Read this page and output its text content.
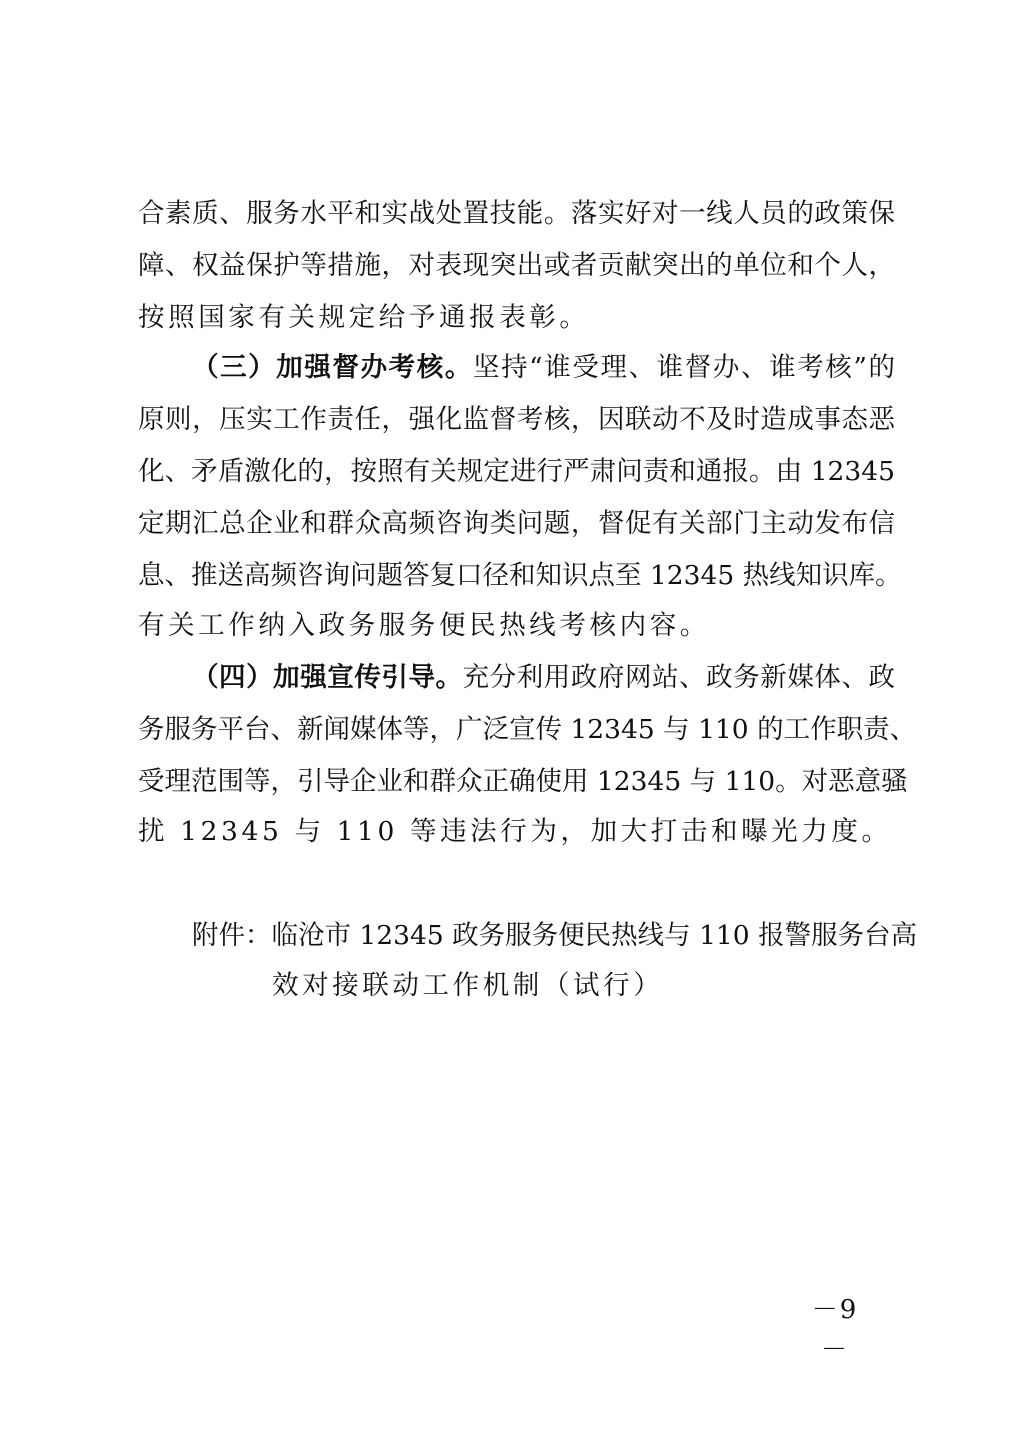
合素质、服务水平和实战处置技能。落实好对一线人员的政策保
障、权益保护等措施，对表现突出或者贡献突出的单位和个人，
按照国家有关规定给予通报表彰。
（三）加强督办考核。坚持“谁受理、谁督办、谁考核”的
原则，压实工作责任，强化监督考核，因联动不及时造成事态恶
化、矛盾激化的，按照有关规定进行严肃问责和通报。由 12345
定期汇总企业和群众高频咨询类问题，督促有关部门主动发布信
息、推送高频咨询问题答复口径和知识点至 12345 热线知识库。
有关工作纳入政务服务便民热线考核内容。
（四）加强宣传引导。充分利用政府网站、政务新媒体、政
务服务平台、新闻媒体等，广泛宣传 12345 与 110 的工作职责、
受理范围等，引导企业和群众正确使用 12345 与 110。对恶意骚
扰 12345 与 110 等违法行为，加大打击和曝光力度。
附件：临沧市 12345 政务服务便民热线与 110 报警服务台高
效对接联动工作机制（试行）
－9－
